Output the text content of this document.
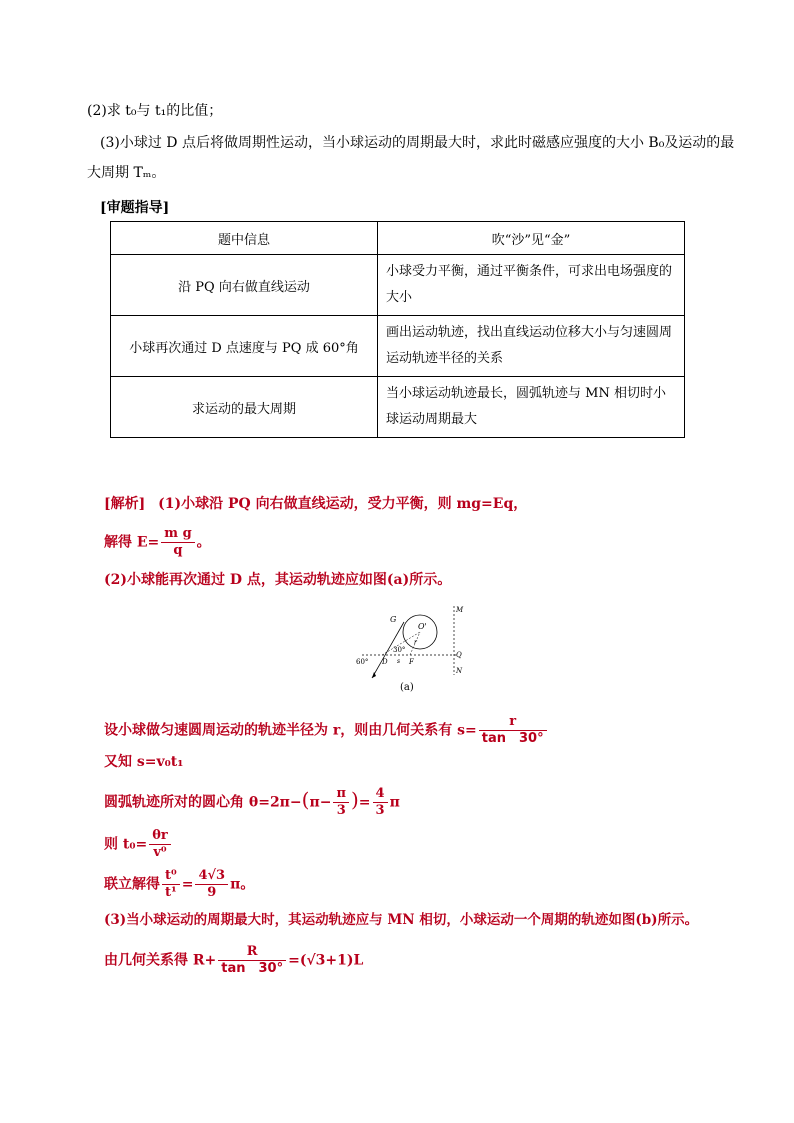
(2)求 t₀与 t₁的比值；
(3)小球过 D 点后将做周期性运动，当小球运动的周期最大时，求此时磁感应强度的大小 B₀及运动的最
大周期 Tₘ。
[审题指导]
题中信息	吹“沙”见“金”
沿 PQ 向右做直线运动	小球受力平衡，通过平衡条件，可求出电场强度的大小
小球再次通过 D 点速度与 PQ 成 60°角	画出运动轨迹，找出直线运动位移大小与匀速圆周运动轨迹半径的关系
求运动的最大周期	当小球运动轨迹最长，圆弧轨迹与 MN 相切时小球运动周期最大
[解析] (1)小球沿 PQ 向右做直线运动，受力平衡，则 mg=Eq，
解得 $E= \frac{\text{m g}}{q}$ 。
(2)小球能再次通过 D 点，其运动轨迹应如图(a)所示。
G
O'
M
Q
N
D	F
s
r
60°
30°
(a)
设小球做匀速圆周运动的轨迹半径为 r，则由几何关系有 $s= \frac{r}{\tan 30^\circ}$
又知 s=v₀t₁
圆弧轨迹所对的圆心角 $\theta=2\pi-(\pi- \frac{\pi}{3}$ )= $\frac{4}{3}$ π
则 $t_0= \frac{\theta r}{\text{v⁰}}$
联立解得 $\frac{\text{t⁰}}{\text{t¹}} = \frac{4√3}{9}$ π。
(3)当小球运动的周期最大时，其运动轨迹应与 MN 相切，小球运动一个周期的轨迹如图(b)所示。
由几何关系得 $R+ \frac{R}{\tan 30^\circ} =(√3+1)L$
